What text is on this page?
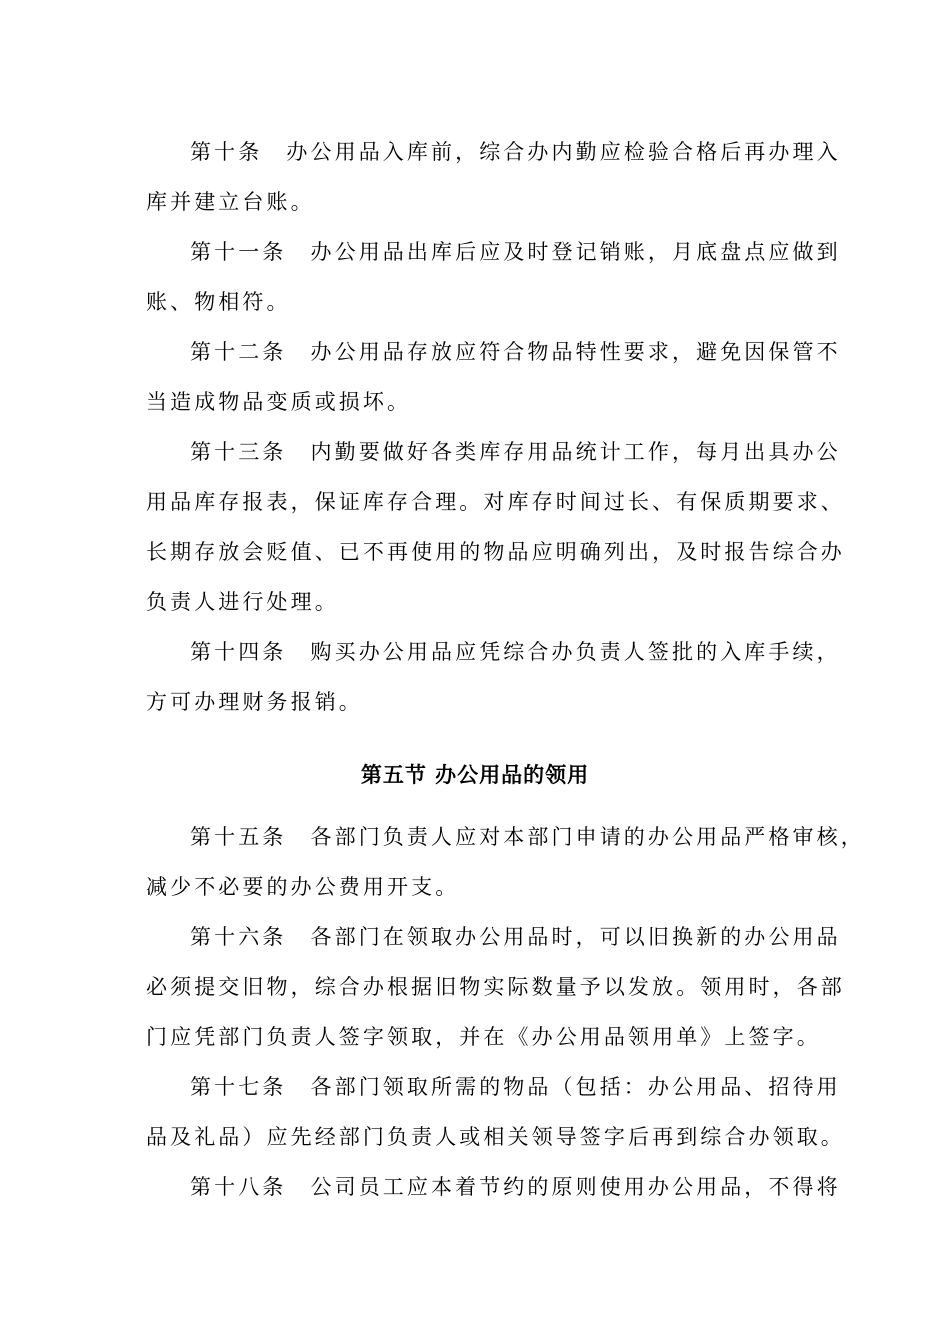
第十条　办公用品入库前，综合办内勤应检验合格后再办理入
库并建立台账。
第十一条　办公用品出库后应及时登记销账，月底盘点应做到
账、物相符。
第十二条　办公用品存放应符合物品特性要求，避免因保管不
当造成物品变质或损坏。
第十三条　内勤要做好各类库存用品统计工作，每月出具办公
用品库存报表，保证库存合理。对库存时间过长、有保质期要求、
长期存放会贬值、已不再使用的物品应明确列出，及时报告综合办
负责人进行处理。
第十四条　购买办公用品应凭综合办负责人签批的入库手续，
方可办理财务报销。
第五节 办公用品的领用
第十五条　各部门负责人应对本部门申请的办公用品严格审核，
减少不必要的办公费用开支。
第十六条　各部门在领取办公用品时，可以旧换新的办公用品
必须提交旧物，综合办根据旧物实际数量予以发放。领用时，各部
门应凭部门负责人签字领取，并在《办公用品领用单》上签字。
第十七条　各部门领取所需的物品（包括：办公用品、招待用
品及礼品）应先经部门负责人或相关领导签字后再到综合办领取。
第十八条　公司员工应本着节约的原则使用办公用品，不得将
